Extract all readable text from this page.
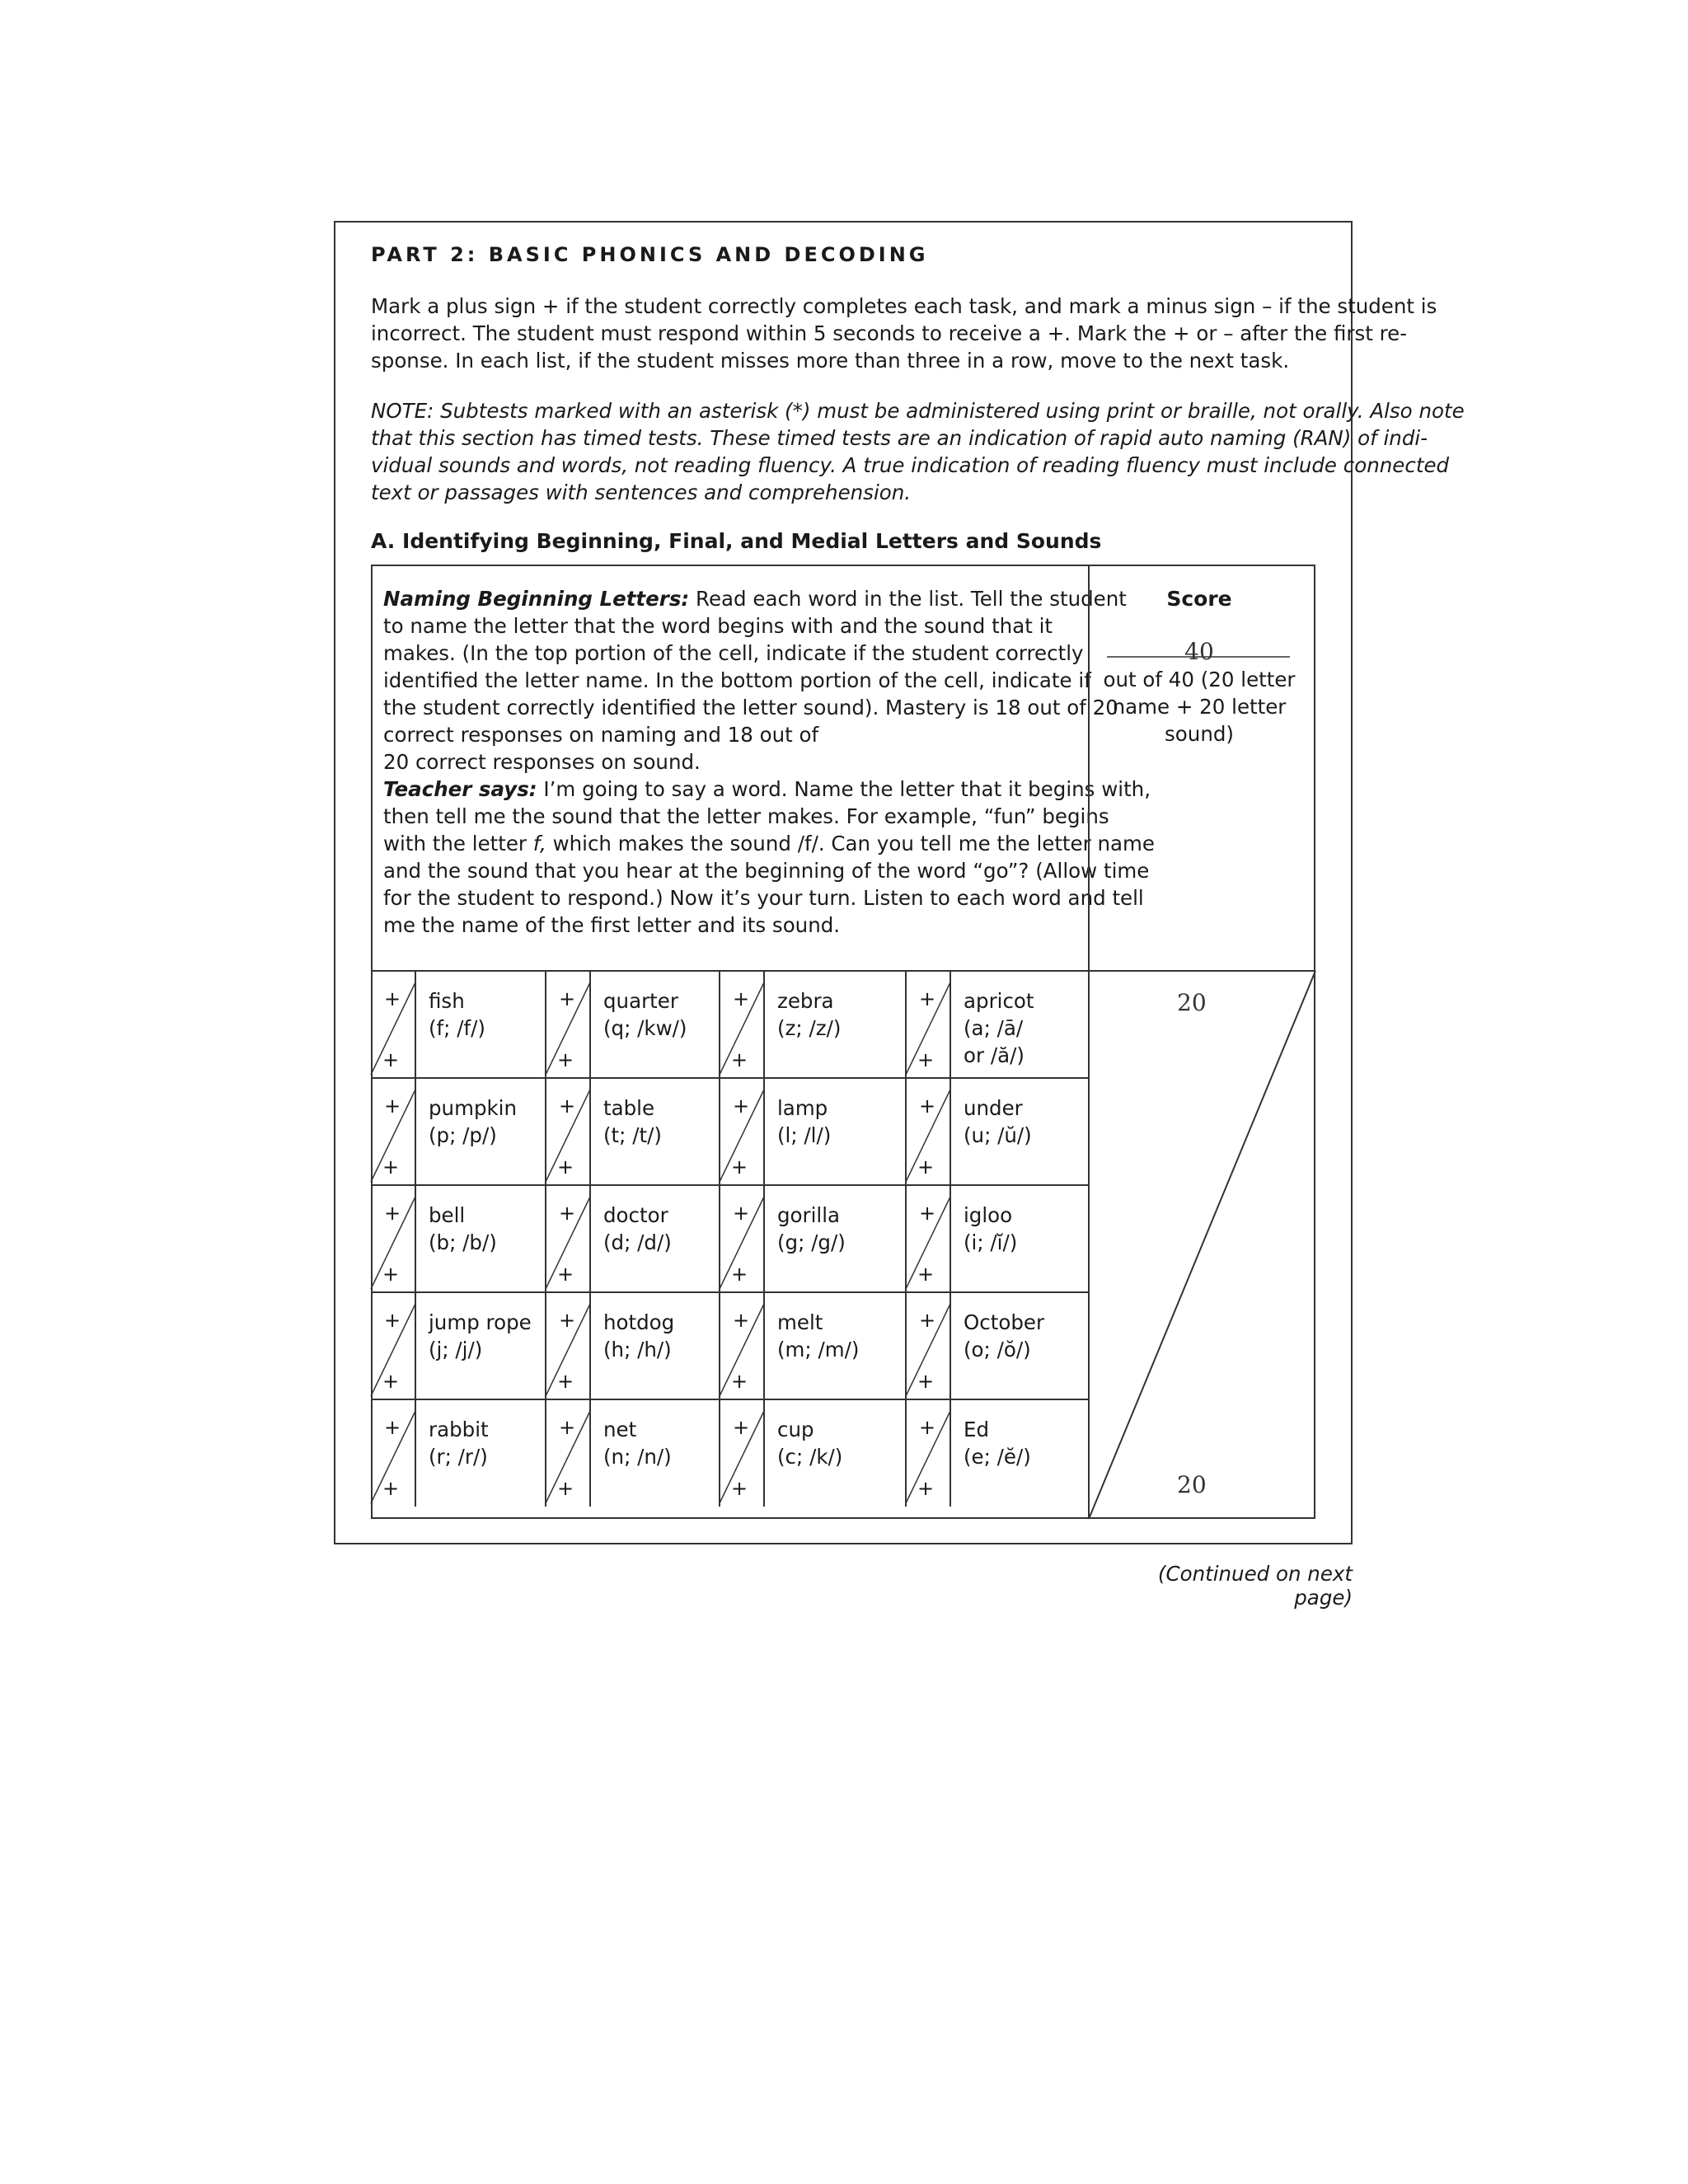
PART 2: BASIC PHONICS AND DECODING
Mark a plus sign + if the student correctly completes each task, and mark a minus sign – if the student is
incorrect. The student must respond within 5 seconds to receive a +. Mark the + or – after the first re-
sponse. In each list, if the student misses more than three in a row, move to the next task.
NOTE: Subtests marked with an asterisk (*) must be administered using print or braille, not orally. Also note
that this section has timed tests. These timed tests are an indication of rapid auto naming (RAN) of indi-
vidual sounds and words, not reading fluency. A true indication of reading fluency must include connected
text or passages with sentences and comprehension.
A. Identifying Beginning, Final, and Medial Letters and Sounds
Naming Beginning Letters: Read each word in the list. Tell the student
to name the letter that the word begins with and the sound that it
makes. (In the top portion of the cell, indicate if the student correctly
identified the letter name. In the bottom portion of the cell, indicate if
the student correctly identified the letter sound). Mastery is 18 out of 20
correct responses on naming and 18 out of
20 correct responses on sound.
Teacher says: I’m going to say a word. Name the letter that it begins with,
then tell me the sound that the letter makes. For example, “fun” begins
with the letter f, which makes the sound /f/. Can you tell me the letter name
and the sound that you hear at the beginning of the word “go”? (Allow time
for the student to respond.) Now it’s your turn. Listen to each word and tell
me the name of the first letter and its sound.
Score
40
out of 40 (20 letter
name + 20 letter
sound)
+
+
fish
(f; /f/)
+
+
quarter
(q; /kw/)
+
+
zebra
(z; /z/)
+
+
apricot
(a; /ā/
or /ă/)
+
+
pumpkin
(p; /p/)
+
+
table
(t; /t/)
+
+
lamp
(l; /l/)
+
+
under
(u; /ŭ/)
+
+
bell
(b; /b/)
+
+
doctor
(d; /d/)
+
+
gorilla
(g; /g/)
+
+
igloo
(i; /ĭ/)
+
+
jump rope
(j; /j/)
+
+
hotdog
(h; /h/)
+
+
melt
(m; /m/)
+
+
October
(o; /ŏ/)
+
+
rabbit
(r; /r/)
+
+
net
(n; /n/)
+
+
cup
(c; /k/)
+
+
Ed
(e; /ĕ/)
20
20
(Continued on next page)
